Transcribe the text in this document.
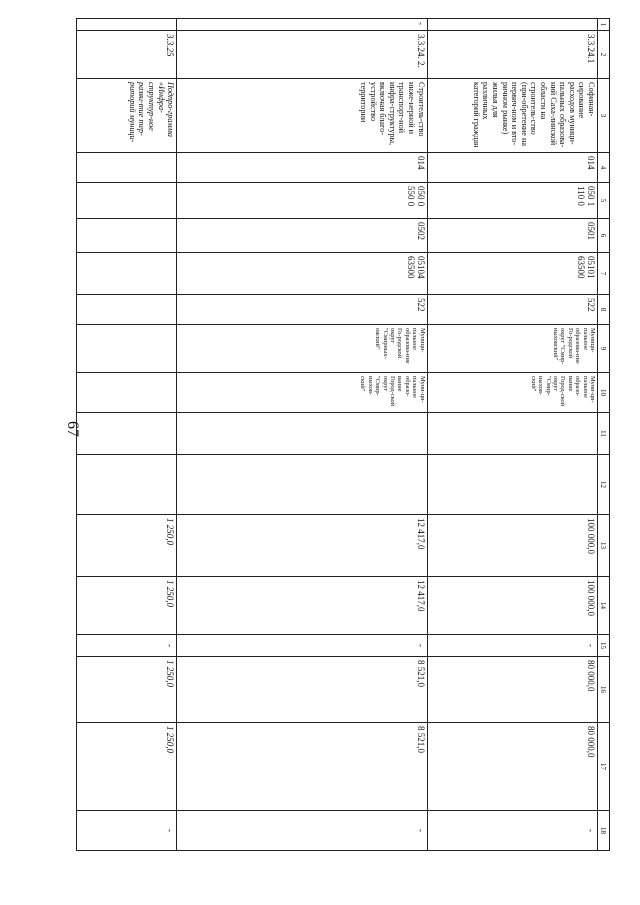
67
1	2	3	4	5	6	7	8	9	10	11	12	13	14	15	16	17	18
	3.3.24.1	Софинан-сирование расходов муници-пальных образова-ний Саха-линской области на строитель-ство (при-обретение на первич-ном и вто-ричном рынке) жилья для различных категорий граждан	014	050 1 110 0	0501	05101 63500	522	Муници-пальное образова-ние Го-родской округ "Смир-ныховский"	Муни-ци-пальное образо-вание Город-ской округ "Смир-ныхов-ский"			100 000,0	100 000,0	-	80 000,0	80 000,0	-
-	3.3.24. 2.	Строитель-ство инже-нерной и транспорт-ной инфра-структуры, включая благо-устройство территории	014	050 0 550 0	0502	05104 63500	522	Муници-пальное образова-ние Го-родской округ "Смирных-овский"	Муни-ци-пальное образо-вание Город-ской округ "Смир-ныхов-ский"			12 417,0	12 417,0	-	8 521,0	8 521,0	-
	3.3.25	Подпро-грамма «Инфра-структур-ное разви-тие тер-риторий муници-										1 250,0	1 250,0	-	1 250,0	1 250,0	-
